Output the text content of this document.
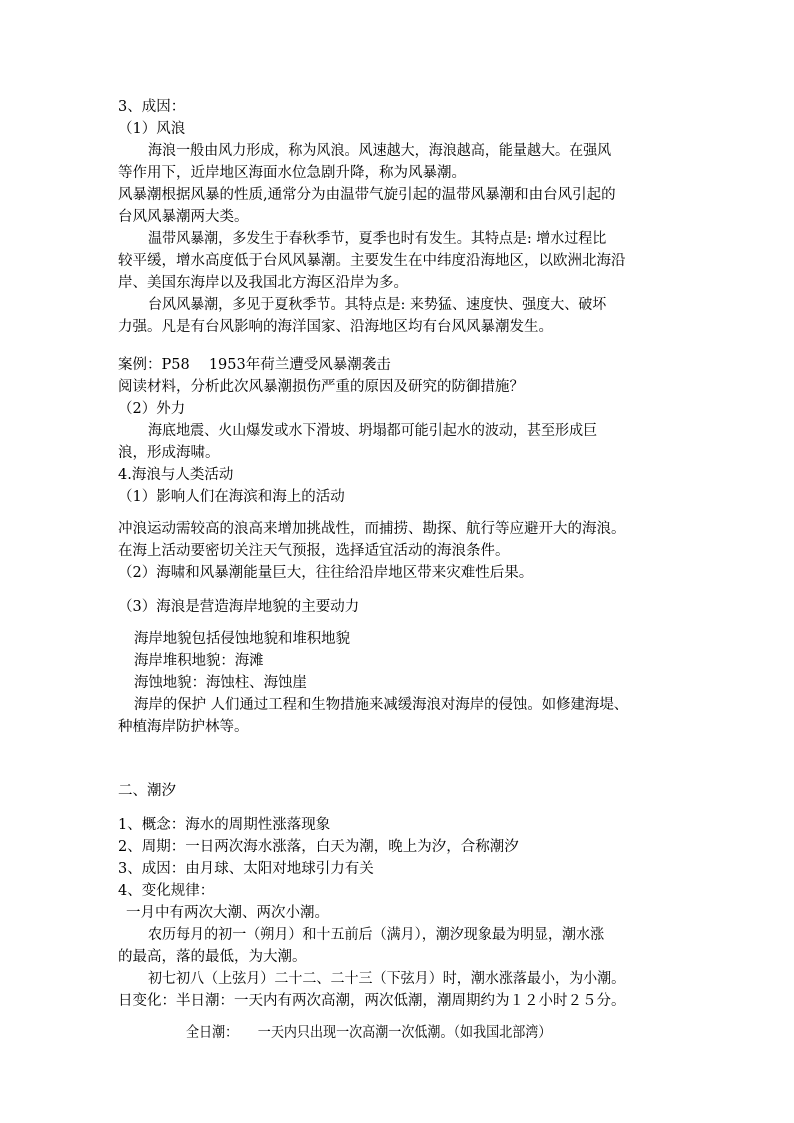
3、成因：
（1）风浪
海浪一般由风力形成，称为风浪。风速越大，海浪越高，能量越大。在强风
等作用下，近岸地区海面水位急剧升降，称为风暴潮。
风暴潮根据风暴的性质,通常分为由温带气旋引起的温带风暴潮和由台风引起的
台风风暴潮两大类。
温带风暴潮，多发生于春秋季节，夏季也时有发生。其特点是: 增水过程比
较平缓，增水高度低于台风风暴潮。主要发生在中纬度沿海地区，以欧洲北海沿
岸、美国东海岸以及我国北方海区沿岸为多。
台风风暴潮，多见于夏秋季节。其特点是: 来势猛、速度快、强度大、破坏
力强。凡是有台风影响的海洋国家、沿海地区均有台风风暴潮发生。
案例：P58　 1953年荷兰遭受风暴潮袭击
阅读材料，分析此次风暴潮损伤严重的原因及研究的防御措施？
（2）外力
海底地震、火山爆发或水下滑坡、坍塌都可能引起水的波动，甚至形成巨
浪，形成海啸。
4.海浪与人类活动
（1）影响人们在海滨和海上的活动
冲浪运动需较高的浪高来增加挑战性，而捕捞、勘探、航行等应避开大的海浪。
在海上活动要密切关注天气预报，选择适宜活动的海浪条件。
（2）海啸和风暴潮能量巨大，往往给沿岸地区带来灾难性后果。
（3）海浪是营造海岸地貌的主要动力
海岸地貌包括侵蚀地貌和堆积地貌
海岸堆积地貌：海滩
海蚀地貌：海蚀柱、海蚀崖
海岸的保护 人们通过工程和生物措施来减缓海浪对海岸的侵蚀。如修建海堤、
种植海岸防护林等。
二、潮汐
1、概念：海水的周期性涨落现象
2、周期：一日两次海水涨落，白天为潮，晚上为汐，合称潮汐
3、成因：由月球、太阳对地球引力有关
4、变化规律：
一月中有两次大潮、两次小潮。
农历每月的初一（朔月）和十五前后（满月），潮汐现象最为明显，潮水涨
的最高，落的最低，为大潮。
初七初八（上弦月）二十二、二十三（下弦月）时，潮水涨落最小，为小潮。
日变化：半日潮：一天内有两次高潮，两次低潮，潮周期约为１２小时２５分。
全日潮：　　一天内只出现一次高潮一次低潮。（如我国北部湾）
